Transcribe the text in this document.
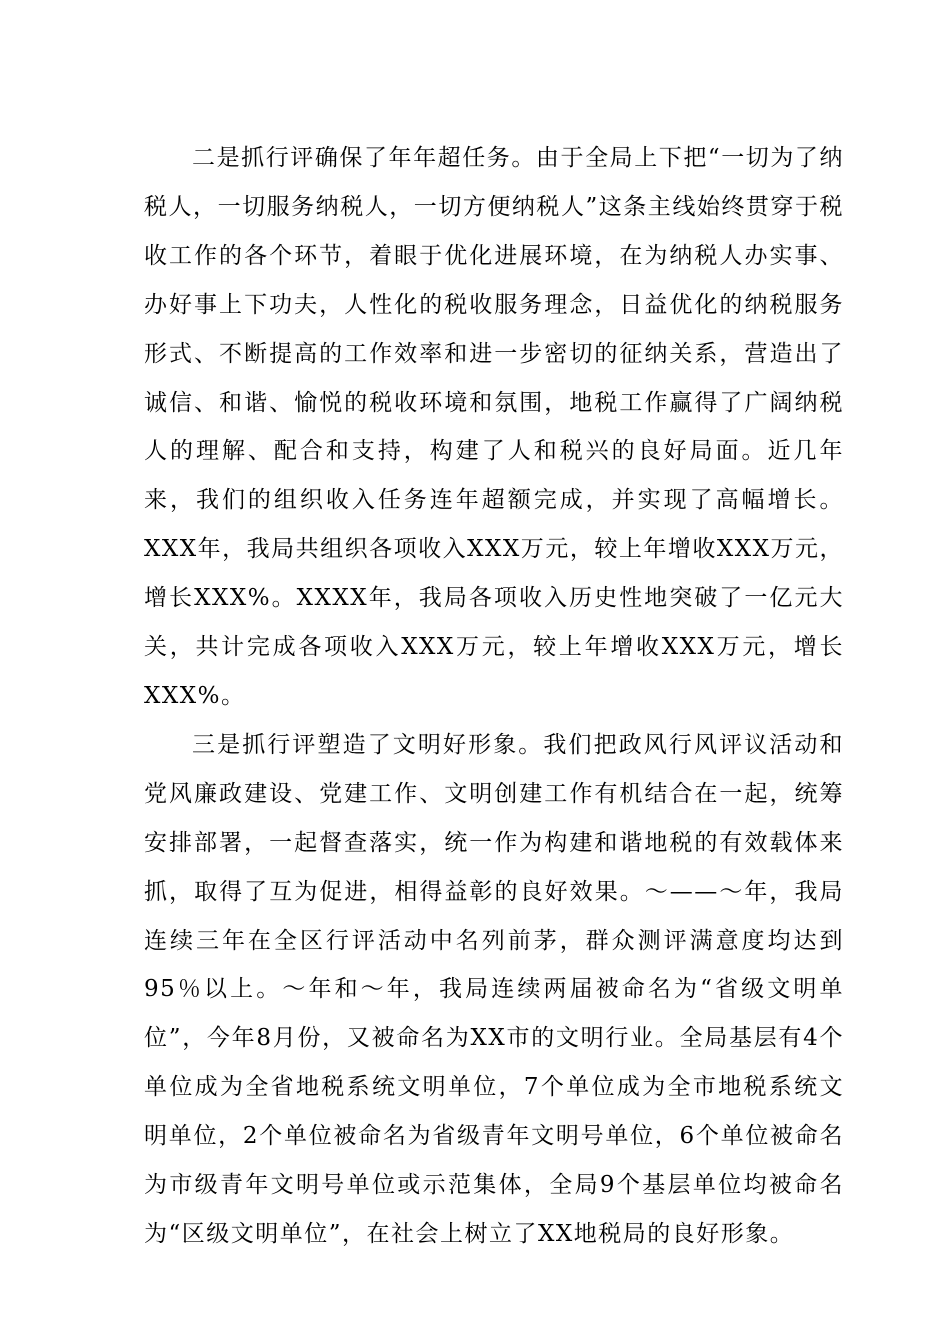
二是抓行评确保了年年超任务。由于全局上下把“一切为了纳税人，一切服务纳税人，一切方便纳税人”这条主线始终贯穿于税收工作的各个环节，着眼于优化进展环境，在为纳税人办实事、办好事上下功夫，人性化的税收服务理念，日益优化的纳税服务形式、不断提高的工作效率和进一步密切的征纳关系，营造出了诚信、和谐、愉悦的税收环境和氛围，地税工作赢得了广阔纳税人的理解、配合和支持，构建了人和税兴的良好局面。近几年来，我们的组织收入任务连年超额完成，并实现了高幅增长。XXX年，我局共组织各项收入XXX万元，较上年增收XXX万元，增长XXX%。XXXX年，我局各项收入历史性地突破了一亿元大关，共计完成各项收入XXX万元，较上年增收XXX万元，增长XXX%。

三是抓行评塑造了文明好形象。我们把政风行风评议活动和党风廉政建设、党建工作、文明创建工作有机结合在一起，统筹安排部署，一起督查落实，统一作为构建和谐地税的有效载体来抓，取得了互为促进，相得益彰的良好效果。～——～年，我局连续三年在全区行评活动中名列前茅，群众测评满意度均达到95％以上。～年和～年，我局连续两届被命名为“省级文明单位”，今年8月份，又被命名为XX市的文明行业。全局基层有4个单位成为全省地税系统文明单位，7个单位成为全市地税系统文明单位，2个单位被命名为省级青年文明号单位，6个单位被命名为市级青年文明号单位或示范集体，全局9个基层单位均被命名为“区级文明单位”，在社会上树立了XX地税局的良好形象。
